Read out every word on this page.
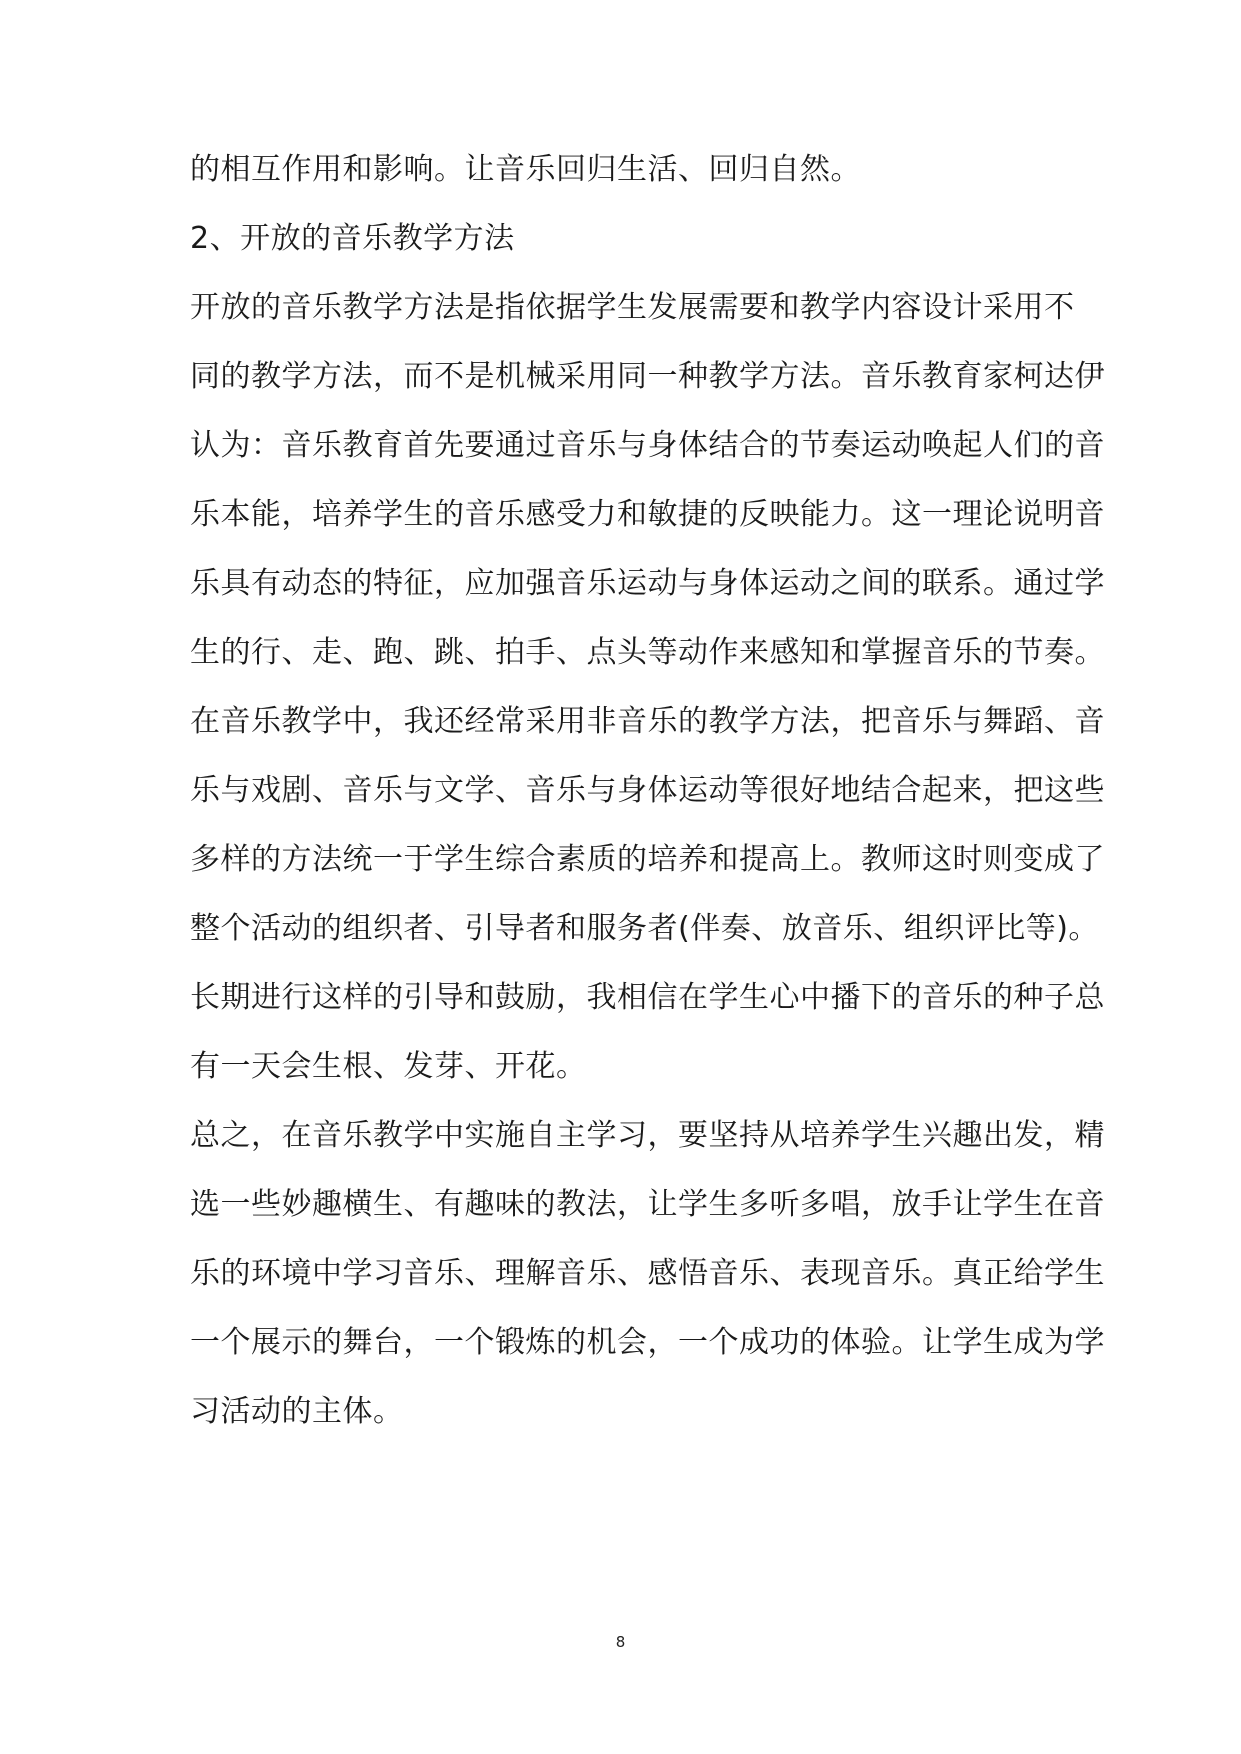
的相互作用和影响。让音乐回归生活、回归自然。
2、开放的音乐教学方法
开放的音乐教学方法是指依据学生发展需要和教学内容设计采用不
同的教学方法，而不是机械采用同一种教学方法。音乐教育家柯达伊
认为：音乐教育首先要通过音乐与身体结合的节奏运动唤起人们的音
乐本能，培养学生的音乐感受力和敏捷的反映能力。这一理论说明音
乐具有动态的特征，应加强音乐运动与身体运动之间的联系。通过学
生的行、走、跑、跳、拍手、点头等动作来感知和掌握音乐的节奏。
在音乐教学中，我还经常采用非音乐的教学方法，把音乐与舞蹈、音
乐与戏剧、音乐与文学、音乐与身体运动等很好地结合起来，把这些
多样的方法统一于学生综合素质的培养和提高上。教师这时则变成了
整个活动的组织者、引导者和服务者(伴奏、放音乐、组织评比等)。
长期进行这样的引导和鼓励，我相信在学生心中播下的音乐的种子总
有一天会生根、发芽、开花。
总之，在音乐教学中实施自主学习，要坚持从培养学生兴趣出发，精
选一些妙趣横生、有趣味的教法，让学生多听多唱，放手让学生在音
乐的环境中学习音乐、理解音乐、感悟音乐、表现音乐。真正给学生
一个展示的舞台，一个锻炼的机会，一个成功的体验。让学生成为学
习活动的主体。
8
